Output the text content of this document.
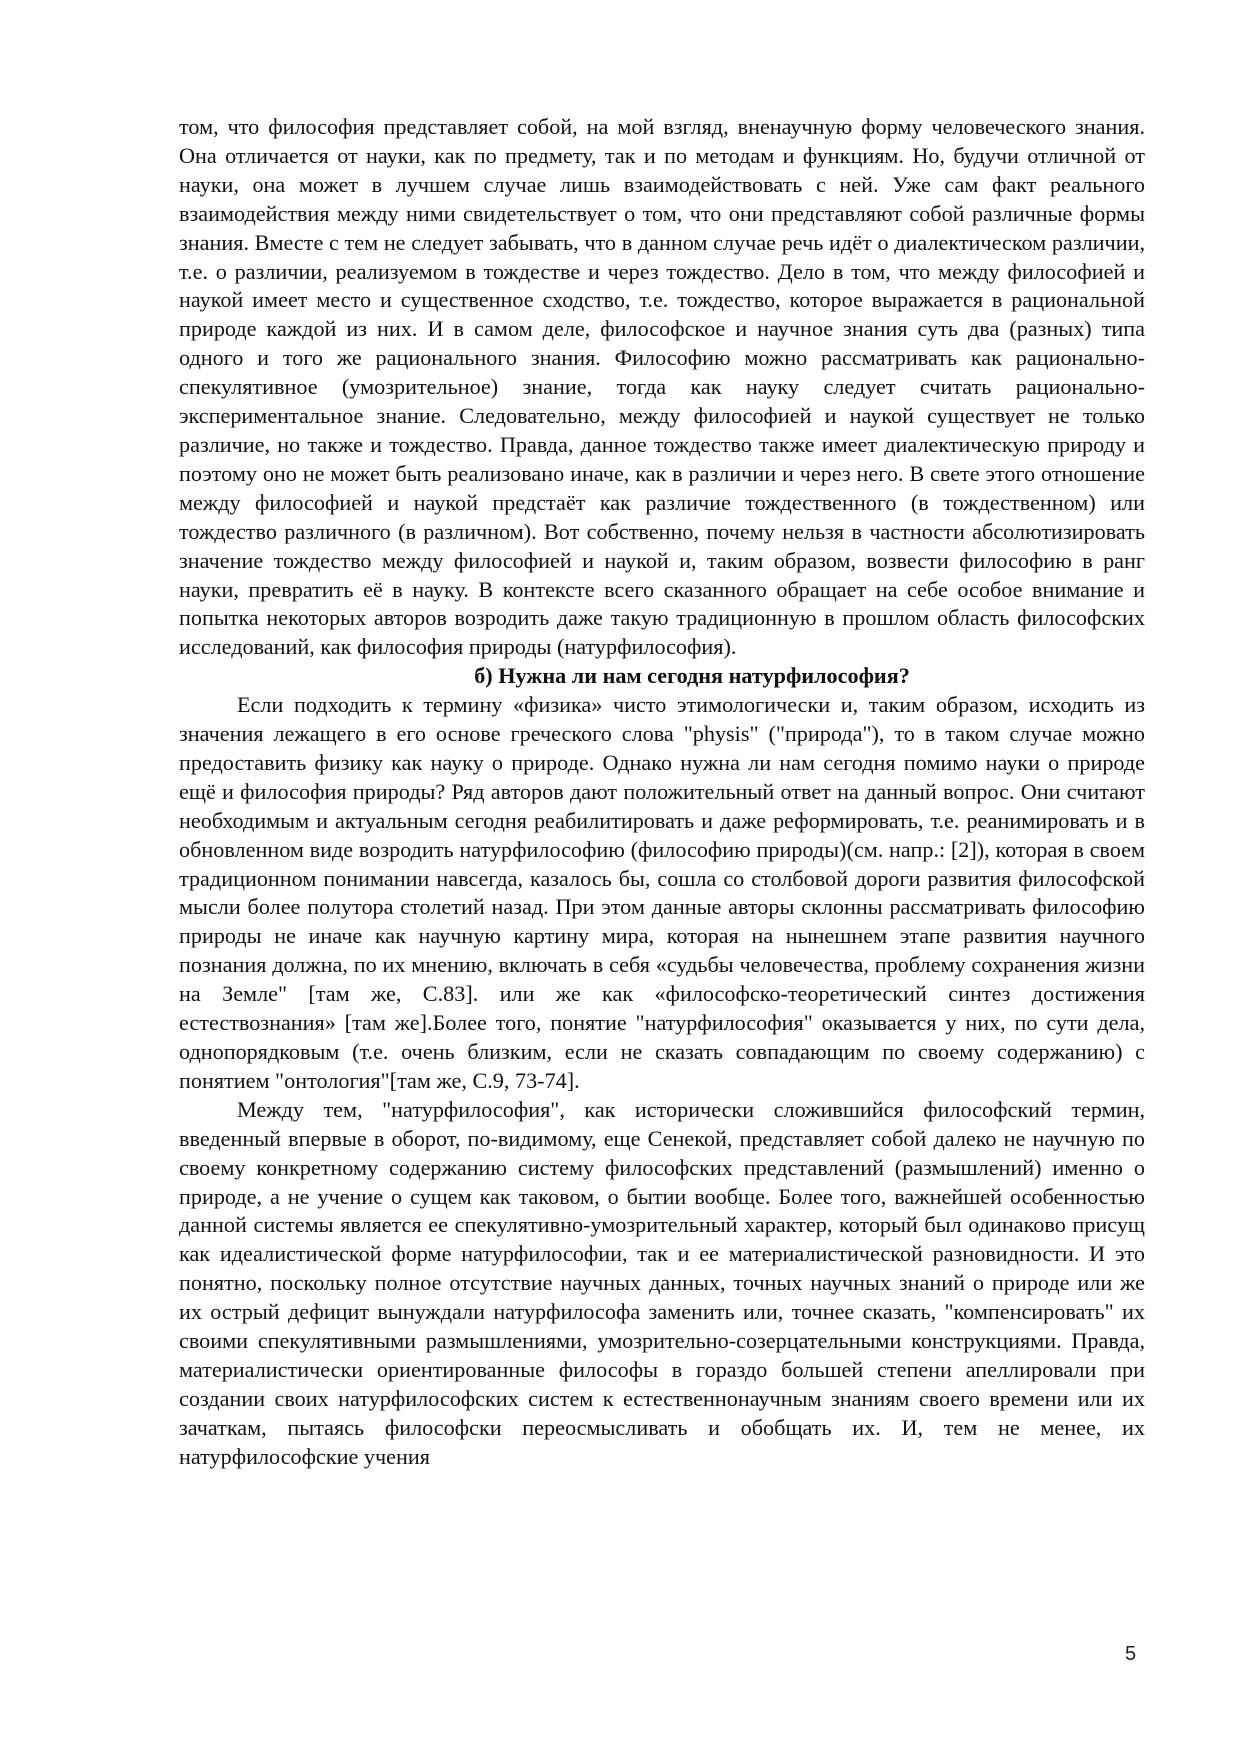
том, что философия представляет собой, на мой взгляд, вненаучную форму человеческого знания. Она отличается от науки, как по предмету, так и по методам и функциям. Но, будучи отличной от науки, она может в лучшем случае лишь взаимодействовать с ней. Уже сам факт реального взаимодействия между ними свидетельствует о том, что они представляют собой различные формы знания. Вместе с тем не следует забывать, что в данном случае речь идёт о диалектическом различии, т.е. о различии, реализуемом в тождестве и через тождество. Дело в том, что между философией и наукой имеет место и существенное сходство, т.е. тождество, которое выражается в рациональной природе каждой из них. И в самом деле, философское и научное знания суть два (разных) типа одного и того же рационального знания. Философию можно рассматривать как рационально-спекулятивное (умозрительное) знание, тогда как науку следует считать рационально-экспериментальное знание. Следовательно, между философией и наукой существует не только различие, но также и тождество. Правда, данное тождество также имеет диалектическую природу и поэтому оно не может быть реализовано иначе, как в различии и через него. В свете этого отношение между философией и наукой предстаёт как различие тождественного (в тождественном) или тождество различного (в различном). Вот собственно, почему нельзя в частности абсолютизировать значение тождество между философией и наукой и, таким образом, возвести философию в ранг науки, превратить её в науку. В контексте всего сказанного обращает на себе особое внимание и попытка некоторых авторов возродить даже такую традиционную в прошлом область философских исследований, как философия природы (натурфилософия).

б) Нужна ли нам сегодня натурфилософия?

Если подходить к термину «физика» чисто этимологически и, таким образом, исходить из значения лежащего в его основе греческого слова "physis" ("природа"), то в таком случае можно предоставить физику как науку о природе. Однако нужна ли нам сегодня помимо науки о природе ещё и философия природы? Ряд авторов дают положительный ответ на данный вопрос. Они считают необходимым и актуальным сегодня реабилитировать и даже реформировать, т.е. реанимировать и в обновленном виде возродить натурфилософию (философию природы)(см. напр.: [2]), которая в своем традиционном понимании навсегда, казалось бы, сошла со столбовой дороги развития философской мысли более полутора столетий назад. При этом данные авторы склонны рассматривать философию природы не иначе как научную картину мира, которая на нынешнем этапе развития научного познания должна, по их мнению, включать в себя «судьбы человечества, проблему сохранения жизни на Земле" [там же, С.83]. или же как «философско-теоретический синтез достижения естествознания» [там же].Более того, понятие "натурфилософия" оказывается у них, по сути дела, однопорядковым (т.е. очень близким, если не сказать совпадающим по своему содержанию) с понятием "онтология"[там же, С.9, 73-74].

Между тем, "натурфилософия", как исторически сложившийся философский термин, введенный впервые в оборот, по-видимому, еще Сенекой, представляет собой далеко не научную по своему конкретному содержанию систему философских представлений (размышлений) именно о природе, а не учение о сущем как таковом, о бытии вообще. Более того, важнейшей особенностью данной системы является ее спекулятивно-умозрительный характер, который был одинаково присущ как идеалистической форме натурфилософии, так и ее материалистической разновидности. И это понятно, поскольку полное отсутствие научных данных, точных научных знаний о природе или же их острый дефицит вынуждали натурфилософа заменить или, точнее сказать, "компенсировать" их своими спекулятивными размышлениями, умозрительно-созерцательными конструкциями. Правда, материалистически ориентированные философы в гораздо большей степени апеллировали при создании своих натурфилософских систем к естественнонаучным знаниям своего времени или их зачаткам, пытаясь философски переосмысливать и обобщать их. И, тем не менее, их натурфилософские учения

5
